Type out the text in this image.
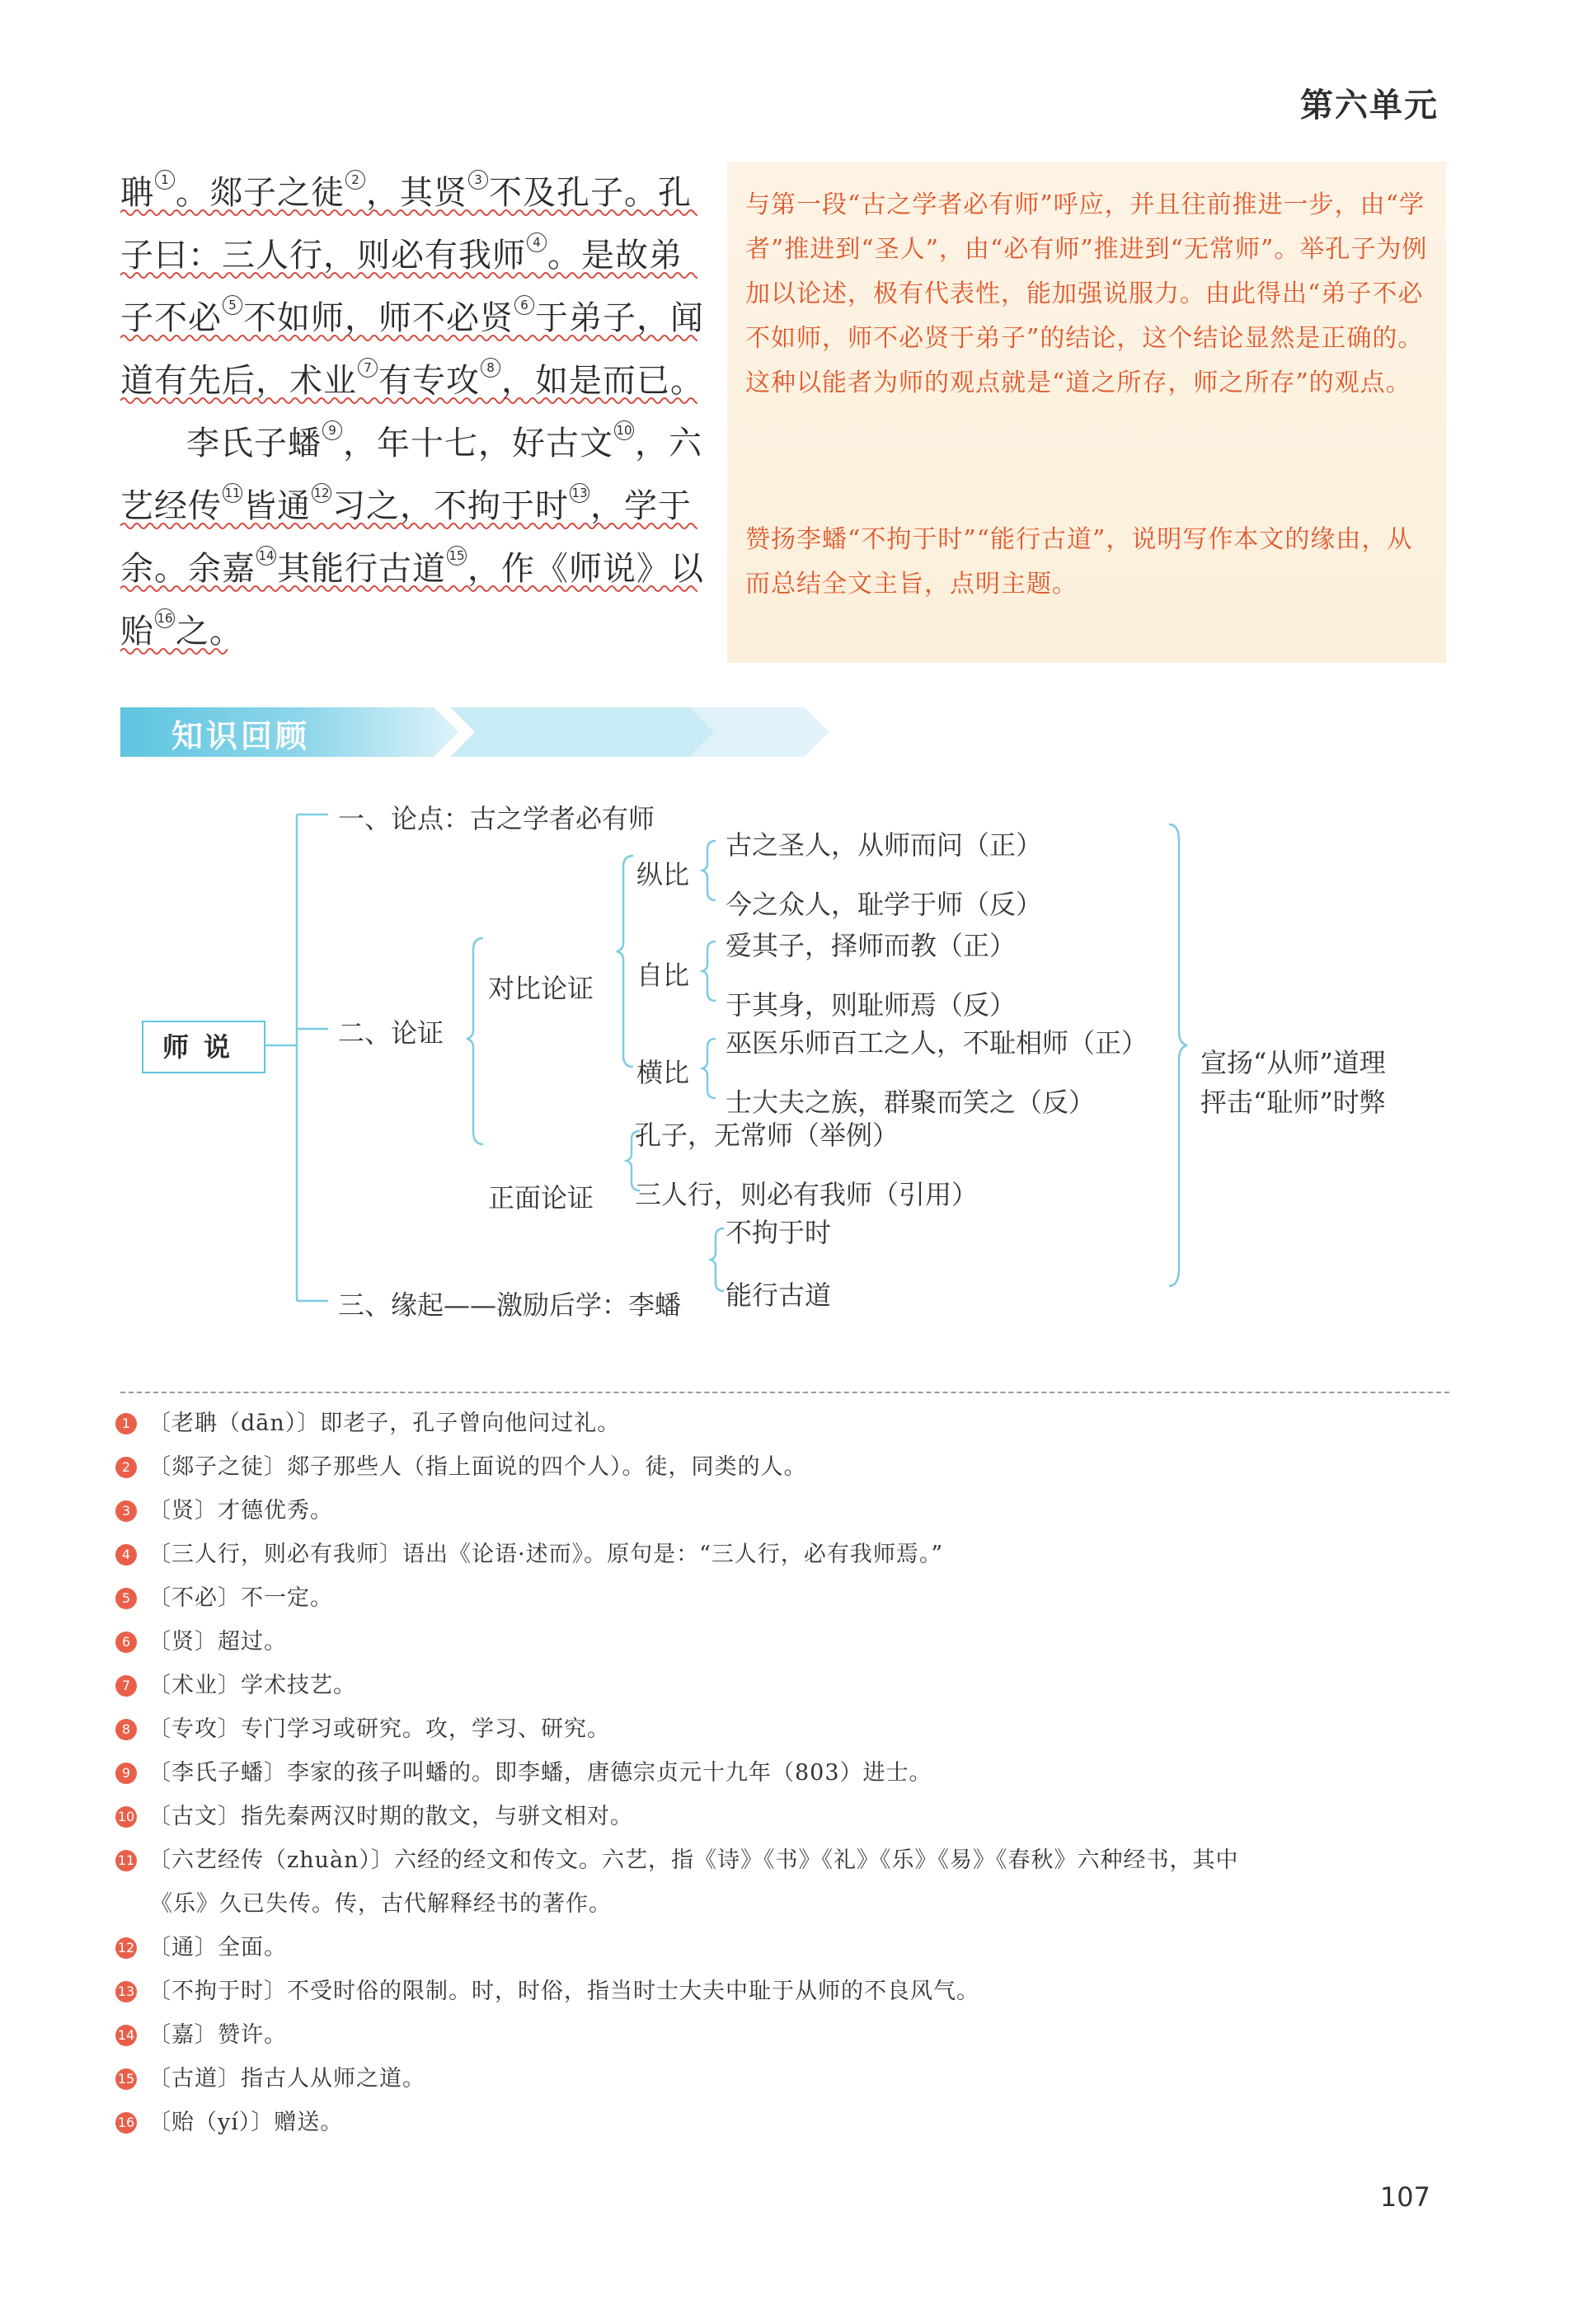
第六单元
聃 $^1$ 。郯子之徒 $^2$ ，其贤 $^3$ 不及孔子。孔
子曰：三人行，则必有我师 $^4$ 。是故弟
子不必 $^5$ 不如师，师不必贤 $^6$ 于弟子，闻
道有先后，术业 $^7$ 有专攻 $^8$ ，如是而已。
李氏子蟠 $^9$ ，年十七，好古文 $^{10}$，六
艺经传 $^{11}$皆通 $^{12}$习之，不拘于时 $^{13}$，学于
余。余嘉 $^{14}$其能行古道 $^{15}$，作《师说》以
贻 $^{16}$之。
与第一段“古之学者必有师”呼应，并且往前推进一步，由“学者”推进到“圣人”，由“必有师”推进到“无常师”。举孔子为例加以论述，极有代表性，能加强说服力。由此得出“弟子不必不如师，师不必贤于弟子”的结论，这个结论显然是正确的。这种以能者为师的观点就是“道之所存，师之所存”的观点。
赞扬李蟠“不拘于时”“能行古道”，说明写作本文的缘由，从而总结全文主旨，点明主题。
知识回顾
师说
一、论点：古之学者必有师
二、论证
三、缘起——激励后学：李蟠
对比论证
正面论证
纵比
自比
横比
古之圣人，从师而问（正）
今之众人，耻学于师（反）
爱其子，择师而教（正）
于其身，则耻师焉（反）
巫医乐师百工之人，不耻相师（正）
士大夫之族，群聚而笑之（反）
孔子，无常师（举例）
三人行，则必有我师（引用）
不拘于时
能行古道
宣扬“从师”道理
抨击“耻师”时弊
1 〔老聃（dān）〕即老子，孔子曾向他问过礼。
2 〔郯子之徒〕郯子那些人（指上面说的四个人）。徒，同类的人。
3 〔贤〕才德优秀。
4 〔三人行，则必有我师〕语出《论语·述而》。原句是：“三人行，必有我师焉。”
5 〔不必〕不一定。
6 〔贤〕超过。
7 〔术业〕学术技艺。
8 〔专攻〕专门学习或研究。攻，学习、研究。
9 〔李氏子蟠〕李家的孩子叫蟠的。即李蟠，唐德宗贞元十九年（803）进士。
10 〔古文〕指先秦两汉时期的散文，与骈文相对。
11 〔六艺经传（zhuàn）〕六经的经文和传文。六艺，指《诗》《书》《礼》《乐》《易》《春秋》六种经书，其中
《乐》久已失传。传，古代解释经书的著作。
12 〔通〕全面。
13 〔不拘于时〕不受时俗的限制。时，时俗，指当时士大夫中耻于从师的不良风气。
14 〔嘉〕赞许。
15 〔古道〕指古人从师之道。
16 〔贻（yí）〕赠送。
107
